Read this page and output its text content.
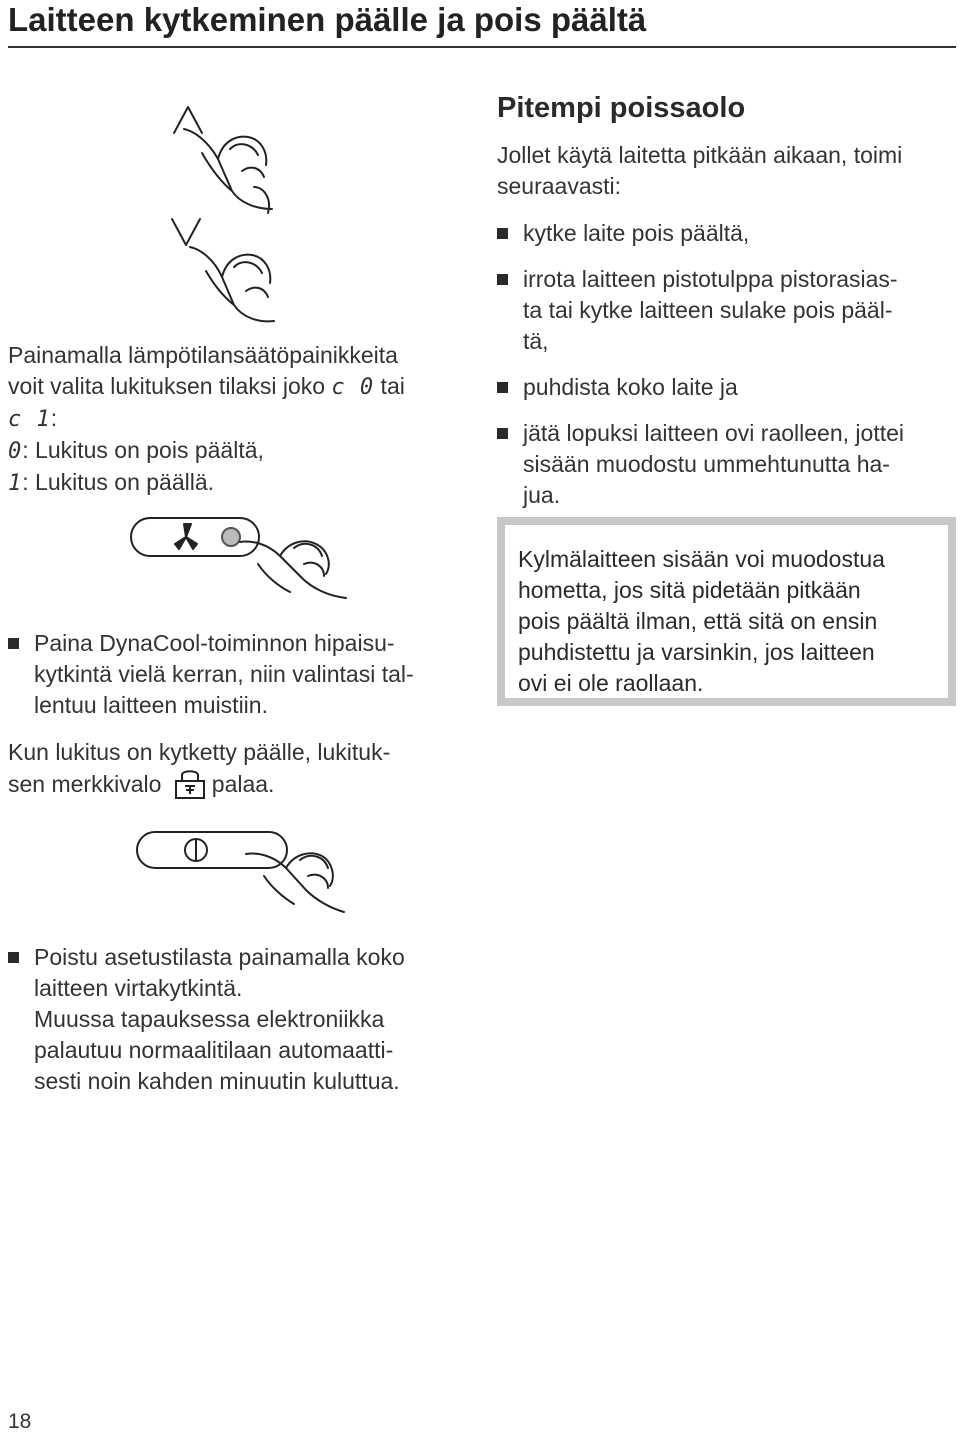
Laitteen kytkeminen päälle ja pois päältä
Painamalla lämpötilansäätöpainikkeita
voit valita lukituksen tilaksi joko c 0 tai
c 1:
0: Lukitus on pois päältä,
1: Lukitus on päällä.
Paina DynaCool-toiminnon hipaisu-
kytkintä vielä kerran, niin valintasi tal-
lentuu laitteen muistiin.
Kun lukitus on kytketty päälle, lukituk-
sen merkkivalo palaa.
Poistu asetustilasta painamalla koko
laitteen virtakytkintä.
Muussa tapauksessa elektroniikka
palautuu normaalitilaan automaatti-
sesti noin kahden minuutin kuluttua.
Pitempi poissaolo
Jollet käytä laitetta pitkään aikaan, toimi
seuraavasti:
kytke laite pois päältä,
irrota laitteen pistotulppa pistorasias-
ta tai kytke laitteen sulake pois pääl-
tä,
puhdista koko laite ja
jätä lopuksi laitteen ovi raolleen, jottei
sisään muodostu ummehtunutta ha-
jua.
Kylmälaitteen sisään voi muodostua
hometta, jos sitä pidetään pitkään
pois päältä ilman, että sitä on ensin
puhdistettu ja varsinkin, jos laitteen
ovi ei ole raollaan.
18
